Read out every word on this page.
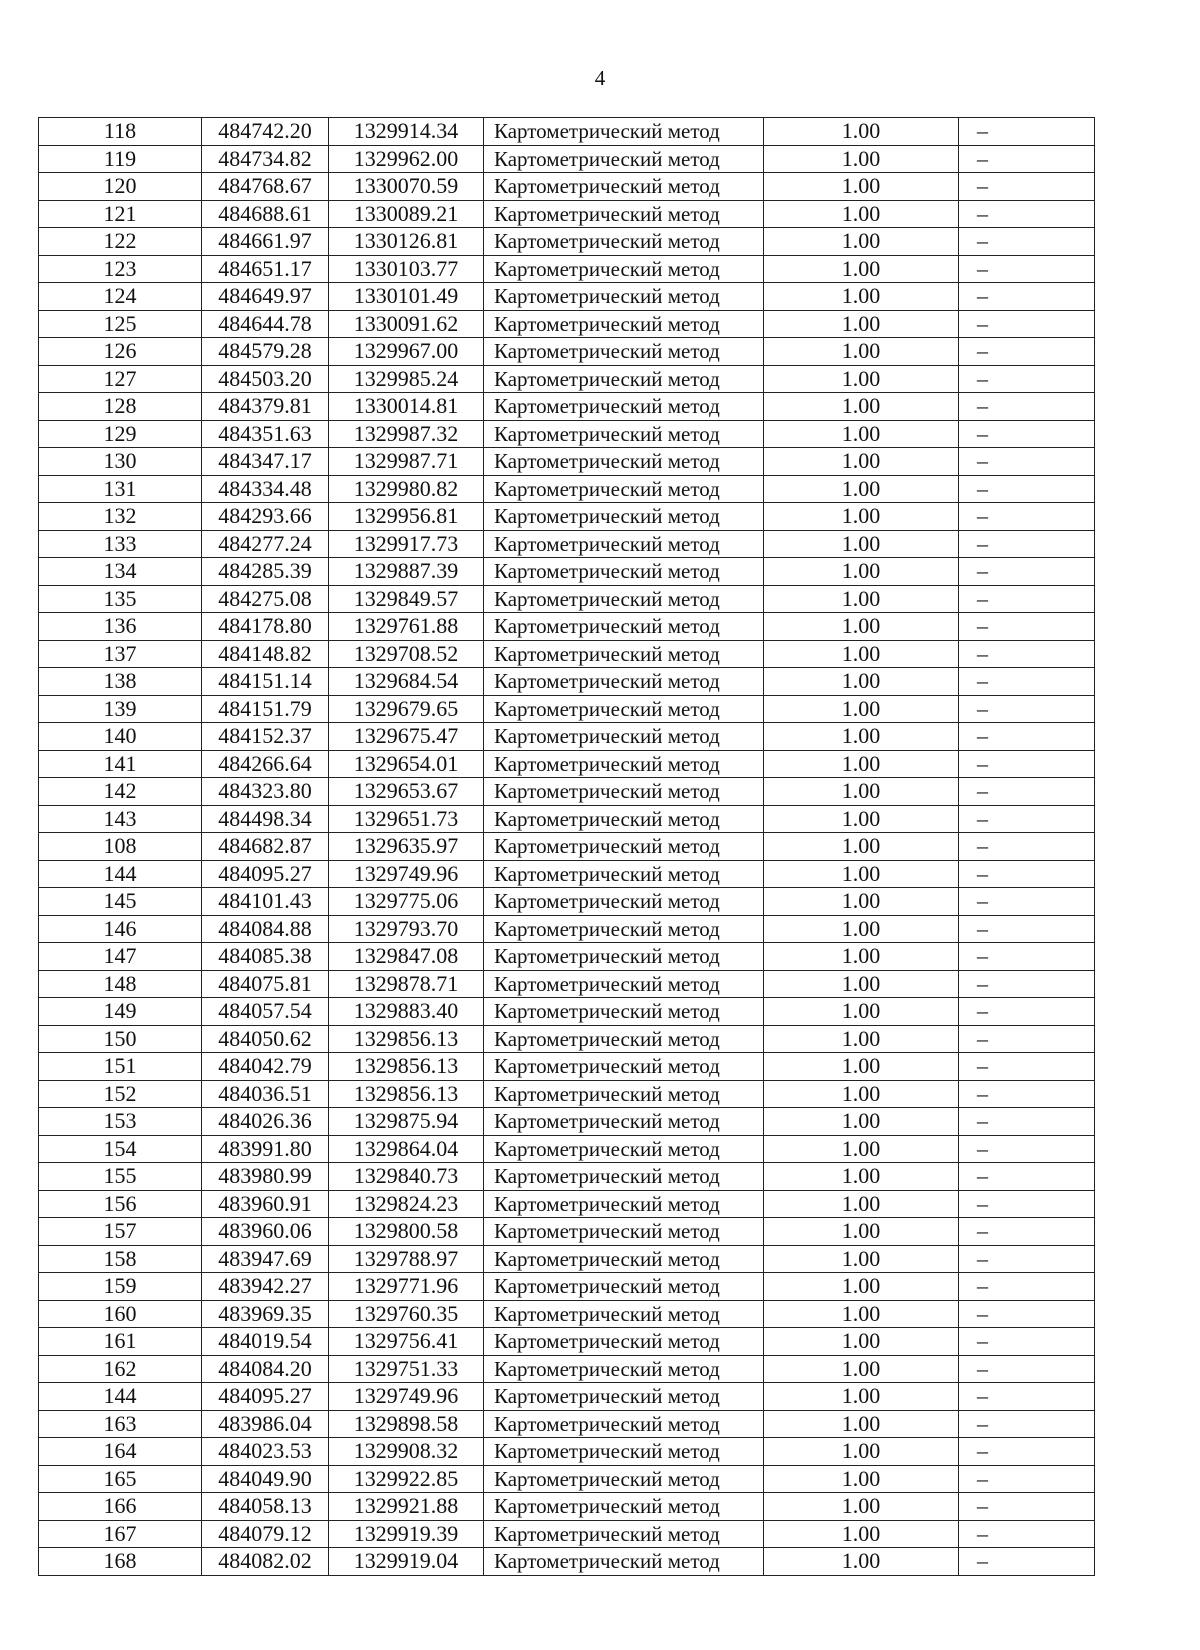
4
118	484742.20	1329914.34	Картометрический метод	1.00	–
119	484734.82	1329962.00	Картометрический метод	1.00	–
120	484768.67	1330070.59	Картометрический метод	1.00	–
121	484688.61	1330089.21	Картометрический метод	1.00	–
122	484661.97	1330126.81	Картометрический метод	1.00	–
123	484651.17	1330103.77	Картометрический метод	1.00	–
124	484649.97	1330101.49	Картометрический метод	1.00	–
125	484644.78	1330091.62	Картометрический метод	1.00	–
126	484579.28	1329967.00	Картометрический метод	1.00	–
127	484503.20	1329985.24	Картометрический метод	1.00	–
128	484379.81	1330014.81	Картометрический метод	1.00	–
129	484351.63	1329987.32	Картометрический метод	1.00	–
130	484347.17	1329987.71	Картометрический метод	1.00	–
131	484334.48	1329980.82	Картометрический метод	1.00	–
132	484293.66	1329956.81	Картометрический метод	1.00	–
133	484277.24	1329917.73	Картометрический метод	1.00	–
134	484285.39	1329887.39	Картометрический метод	1.00	–
135	484275.08	1329849.57	Картометрический метод	1.00	–
136	484178.80	1329761.88	Картометрический метод	1.00	–
137	484148.82	1329708.52	Картометрический метод	1.00	–
138	484151.14	1329684.54	Картометрический метод	1.00	–
139	484151.79	1329679.65	Картометрический метод	1.00	–
140	484152.37	1329675.47	Картометрический метод	1.00	–
141	484266.64	1329654.01	Картометрический метод	1.00	–
142	484323.80	1329653.67	Картометрический метод	1.00	–
143	484498.34	1329651.73	Картометрический метод	1.00	–
108	484682.87	1329635.97	Картометрический метод	1.00	–
144	484095.27	1329749.96	Картометрический метод	1.00	–
145	484101.43	1329775.06	Картометрический метод	1.00	–
146	484084.88	1329793.70	Картометрический метод	1.00	–
147	484085.38	1329847.08	Картометрический метод	1.00	–
148	484075.81	1329878.71	Картометрический метод	1.00	–
149	484057.54	1329883.40	Картометрический метод	1.00	–
150	484050.62	1329856.13	Картометрический метод	1.00	–
151	484042.79	1329856.13	Картометрический метод	1.00	–
152	484036.51	1329856.13	Картометрический метод	1.00	–
153	484026.36	1329875.94	Картометрический метод	1.00	–
154	483991.80	1329864.04	Картометрический метод	1.00	–
155	483980.99	1329840.73	Картометрический метод	1.00	–
156	483960.91	1329824.23	Картометрический метод	1.00	–
157	483960.06	1329800.58	Картометрический метод	1.00	–
158	483947.69	1329788.97	Картометрический метод	1.00	–
159	483942.27	1329771.96	Картометрический метод	1.00	–
160	483969.35	1329760.35	Картометрический метод	1.00	–
161	484019.54	1329756.41	Картометрический метод	1.00	–
162	484084.20	1329751.33	Картометрический метод	1.00	–
144	484095.27	1329749.96	Картометрический метод	1.00	–
163	483986.04	1329898.58	Картометрический метод	1.00	–
164	484023.53	1329908.32	Картометрический метод	1.00	–
165	484049.90	1329922.85	Картометрический метод	1.00	–
166	484058.13	1329921.88	Картометрический метод	1.00	–
167	484079.12	1329919.39	Картометрический метод	1.00	–
168	484082.02	1329919.04	Картометрический метод	1.00	–
